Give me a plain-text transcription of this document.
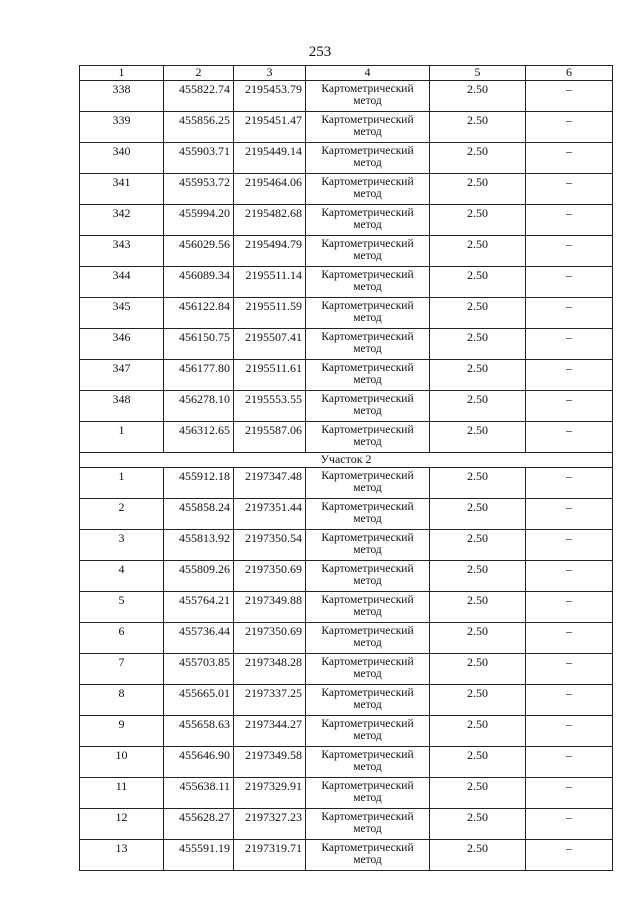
253
1	2	3	4	5	6
338	455822.74	2195453.79	Картометрический метод	2.50	–
339	455856.25	2195451.47	Картометрический метод	2.50	–
340	455903.71	2195449.14	Картометрический метод	2.50	–
341	455953.72	2195464.06	Картометрический метод	2.50	–
342	455994.20	2195482.68	Картометрический метод	2.50	–
343	456029.56	2195494.79	Картометрический метод	2.50	–
344	456089.34	2195511.14	Картометрический метод	2.50	–
345	456122.84	2195511.59	Картометрический метод	2.50	–
346	456150.75	2195507.41	Картометрический метод	2.50	–
347	456177.80	2195511.61	Картометрический метод	2.50	–
348	456278.10	2195553.55	Картометрический метод	2.50	–
1	456312.65	2195587.06	Картометрический метод	2.50	–
Участок 2					
1	455912.18	2197347.48	Картометрический метод	2.50	–
2	455858.24	2197351.44	Картометрический метод	2.50	–
3	455813.92	2197350.54	Картометрический метод	2.50	–
4	455809.26	2197350.69	Картометрический метод	2.50	–
5	455764.21	2197349.88	Картометрический метод	2.50	–
6	455736.44	2197350.69	Картометрический метод	2.50	–
7	455703.85	2197348.28	Картометрический метод	2.50	–
8	455665.01	2197337.25	Картометрический метод	2.50	–
9	455658.63	2197344.27	Картометрический метод	2.50	–
10	455646.90	2197349.58	Картометрический метод	2.50	–
11	455638.11	2197329.91	Картометрический метод	2.50	–
12	455628.27	2197327.23	Картометрический метод	2.50	–
13	455591.19	2197319.71	Картометрический метод	2.50	–
